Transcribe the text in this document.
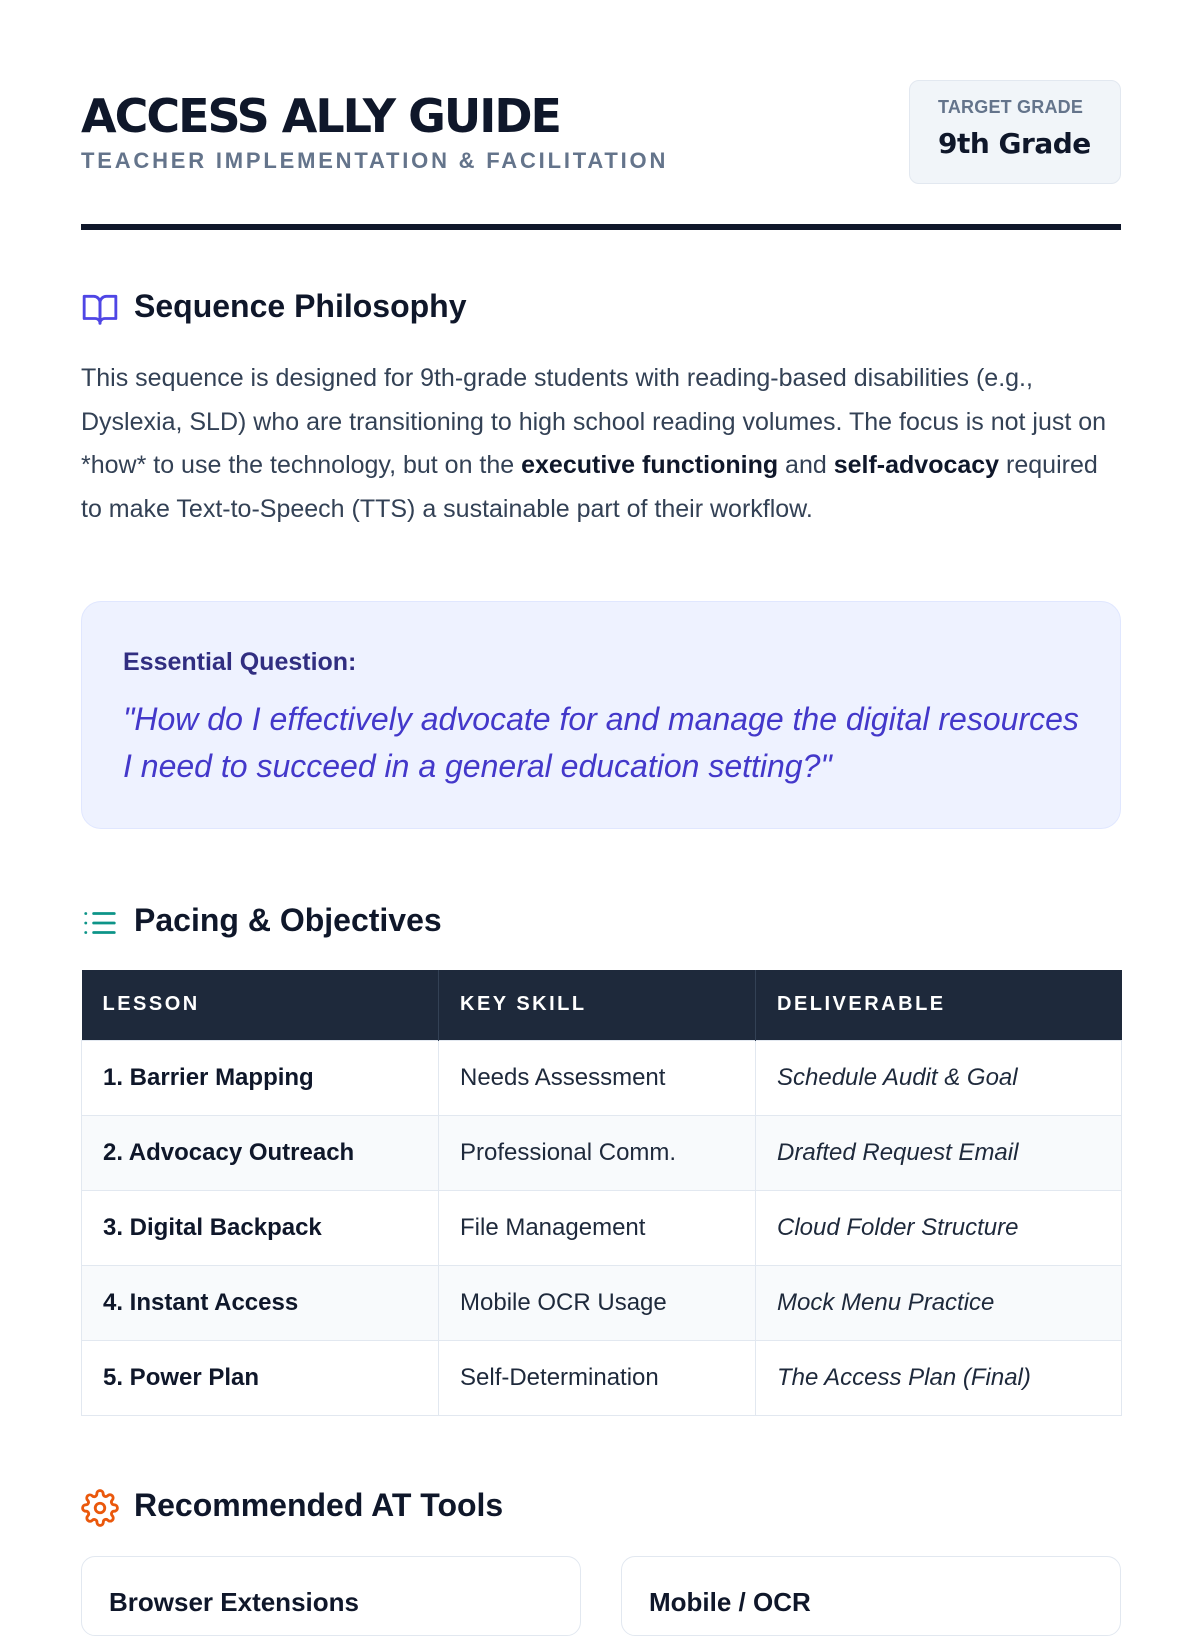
ACCESS ALLY GUIDE
TEACHER IMPLEMENTATION & FACILITATION
TARGET GRADE
9th Grade
Sequence Philosophy

This sequence is designed for 9th-grade students with reading-based disabilities (e.g., Dyslexia, SLD) who are transitioning to high school reading volumes. The focus is not just on *how* to use the technology, but on the executive functioning and self-advocacy required to make Text-to-Speech (TTS) a sustainable part of their workflow.

Essential Question:
"How do I effectively advocate for and manage the digital resources I need to succeed in a general education setting?"
Pacing & Objectives
LESSON	KEY SKILL	DELIVERABLE
1. Barrier Mapping	Needs Assessment	Schedule Audit & Goal
2. Advocacy Outreach	Professional Comm.	Drafted Request Email
3. Digital Backpack	File Management	Cloud Folder Structure
4. Instant Access	Mobile OCR Usage	Mock Menu Practice
5. Power Plan	Self-Determination	The Access Plan (Final)
Recommended AT Tools
Browser Extensions	Mobile / OCR
